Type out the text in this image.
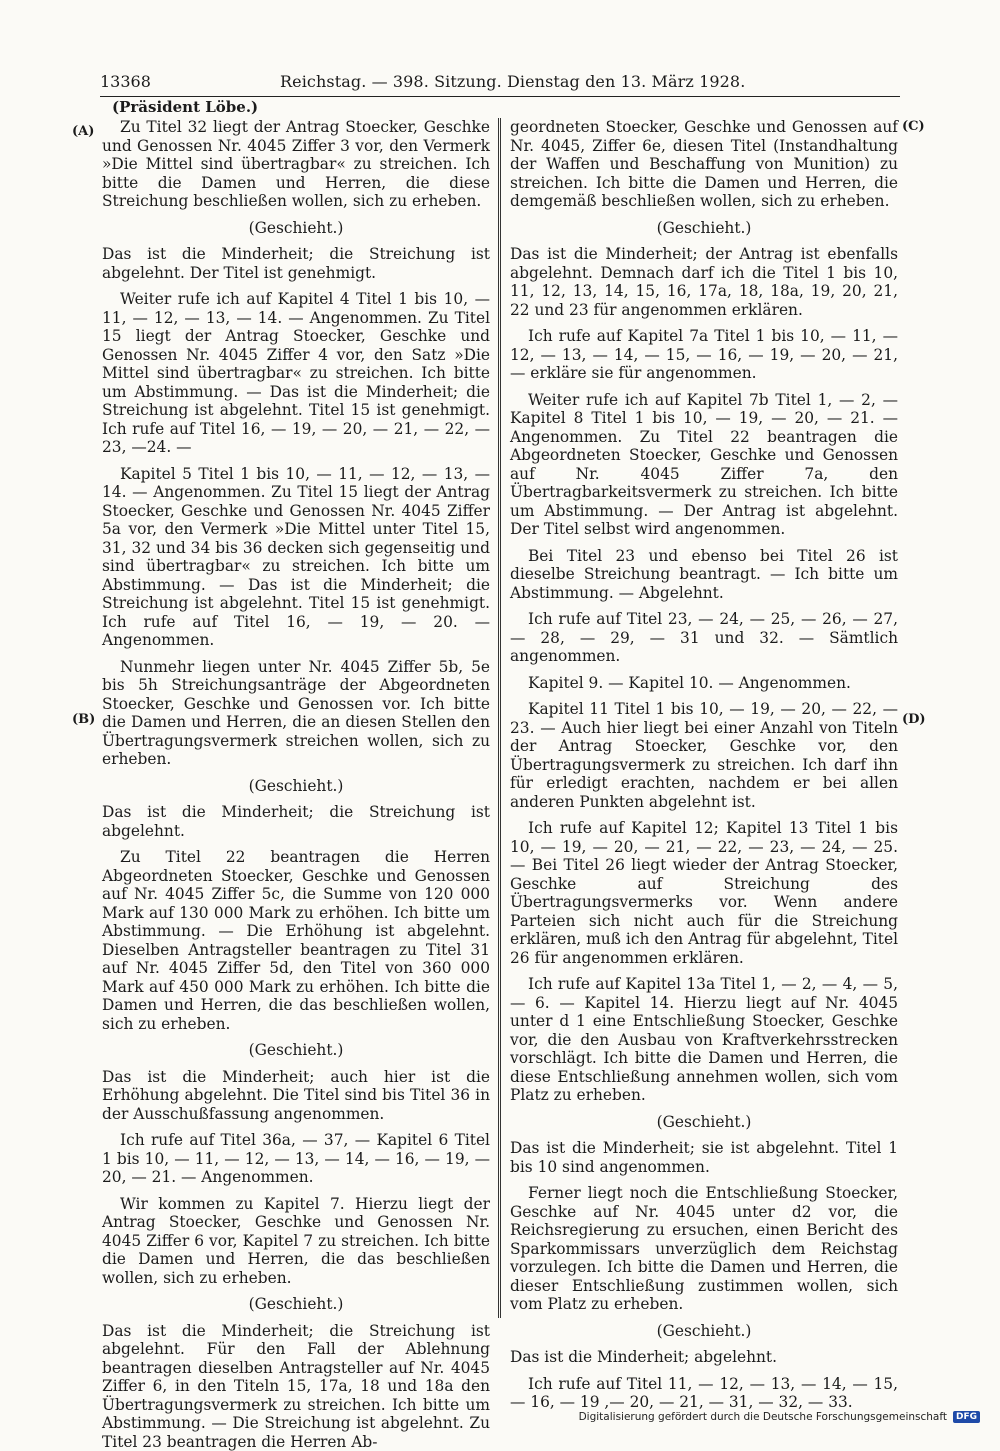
13368	Reichstag. — 398. Sitzung. Dienstag den 13. März 1928.
(Präsident Löbe.)
(A)
(B)
(C)
(D)

Zu Titel 32 liegt der Antrag Stoecker, Geschke und Genossen Nr. 4045 Ziffer 3 vor, den Vermerk »Die Mittel sind übertragbar« zu streichen. Ich bitte die Damen und Herren, die diese Streichung beschließen wollen, sich zu erheben.

(Geschieht.)

Das ist die Minderheit; die Streichung ist abgelehnt. Der Titel ist genehmigt.

Weiter rufe ich auf Kapitel 4 Titel 1 bis 10, — 11, — 12, — 13, — 14. — Angenommen. Zu Titel 15 liegt der Antrag Stoecker, Geschke und Genossen Nr. 4045 Ziffer 4 vor, den Satz »Die Mittel sind übertragbar« zu streichen. Ich bitte um Abstimmung. — Das ist die Minderheit; die Streichung ist abgelehnt. Titel 15 ist genehmigt. Ich rufe auf Titel 16, — 19, — 20, — 21, — 22, — 23, —24. —

Kapitel 5 Titel 1 bis 10, — 11, — 12, — 13, — 14. — Angenommen. Zu Titel 15 liegt der Antrag Stoecker, Geschke und Genossen Nr. 4045 Ziffer 5a vor, den Vermerk »Die Mittel unter Titel 15, 31, 32 und 34 bis 36 decken sich gegenseitig und sind übertragbar« zu streichen. Ich bitte um Abstimmung. — Das ist die Minderheit; die Streichung ist abgelehnt. Titel 15 ist genehmigt. Ich rufe auf Titel 16, — 19, — 20. — Angenommen.

Nunmehr liegen unter Nr. 4045 Ziffer 5b, 5e bis 5h Streichungsanträge der Abgeordneten Stoecker, Geschke und Genossen vor. Ich bitte die Damen und Herren, die an diesen Stellen den Übertragungsvermerk streichen wollen, sich zu erheben.

(Geschieht.)

Das ist die Minderheit; die Streichung ist abgelehnt.

Zu Titel 22 beantragen die Herren Abgeordneten Stoecker, Geschke und Genossen auf Nr. 4045 Ziffer 5c, die Summe von 120 000 Mark auf 130 000 Mark zu erhöhen. Ich bitte um Abstimmung. — Die Erhöhung ist abgelehnt. Dieselben Antragsteller beantragen zu Titel 31 auf Nr. 4045 Ziffer 5d, den Titel von 360 000 Mark auf 450 000 Mark zu erhöhen. Ich bitte die Damen und Herren, die das beschließen wollen, sich zu erheben.

(Geschieht.)

Das ist die Minderheit; auch hier ist die Erhöhung abgelehnt. Die Titel sind bis Titel 36 in der Ausschußfassung angenommen.

Ich rufe auf Titel 36a, — 37, — Kapitel 6 Titel 1 bis 10, — 11, — 12, — 13, — 14, — 16, — 19, — 20, — 21. — Angenommen.

Wir kommen zu Kapitel 7. Hierzu liegt der Antrag Stoecker, Geschke und Genossen Nr. 4045 Ziffer 6 vor, Kapitel 7 zu streichen. Ich bitte die Damen und Herren, die das beschließen wollen, sich zu erheben.

(Geschieht.)

Das ist die Minderheit; die Streichung ist abgelehnt. Für den Fall der Ablehnung beantragen dieselben Antragsteller auf Nr. 4045 Ziffer 6, in den Titeln 15, 17a, 18 und 18a den Übertragungsvermerk zu streichen. Ich bitte um Abstimmung. — Die Streichung ist abgelehnt. Zu Titel 23 beantragen die Herren Ab-

geordneten Stoecker, Geschke und Genossen auf Nr. 4045, Ziffer 6e, diesen Titel (Instandhaltung der Waffen und Beschaffung von Munition) zu streichen. Ich bitte die Damen und Herren, die demgemäß beschließen wollen, sich zu erheben.

(Geschieht.)

Das ist die Minderheit; der Antrag ist ebenfalls abgelehnt. Demnach darf ich die Titel 1 bis 10, 11, 12, 13, 14, 15, 16, 17a, 18, 18a, 19, 20, 21, 22 und 23 für angenommen erklären.

Ich rufe auf Kapitel 7a Titel 1 bis 10, — 11, — 12, — 13, — 14, — 15, — 16, — 19, — 20, — 21, — erkläre sie für angenommen.

Weiter rufe ich auf Kapitel 7b Titel 1, — 2, — Kapitel 8 Titel 1 bis 10, — 19, — 20, — 21. — Angenommen. Zu Titel 22 beantragen die Abgeordneten Stoecker, Geschke und Genossen auf Nr. 4045 Ziffer 7a, den Übertragbarkeitsvermerk zu streichen. Ich bitte um Abstimmung. — Der Antrag ist abgelehnt. Der Titel selbst wird angenommen.

Bei Titel 23 und ebenso bei Titel 26 ist dieselbe Streichung beantragt. — Ich bitte um Abstimmung. — Abgelehnt.

Ich rufe auf Titel 23, — 24, — 25, — 26, — 27, — 28, — 29, — 31 und 32. — Sämtlich angenommen.

Kapitel 9. — Kapitel 10. — Angenommen.

Kapitel 11 Titel 1 bis 10, — 19, — 20, — 22, — 23. — Auch hier liegt bei einer Anzahl von Titeln der Antrag Stoecker, Geschke vor, den Übertragungsvermerk zu streichen. Ich darf ihn für erledigt erachten, nachdem er bei allen anderen Punkten abgelehnt ist.

Ich rufe auf Kapitel 12; Kapitel 13 Titel 1 bis 10, — 19, — 20, — 21, — 22, — 23, — 24, — 25. — Bei Titel 26 liegt wieder der Antrag Stoecker, Geschke auf Streichung des Übertragungsvermerks vor. Wenn andere Parteien sich nicht auch für die Streichung erklären, muß ich den Antrag für abgelehnt, Titel 26 für angenommen erklären.

Ich rufe auf Kapitel 13a Titel 1, — 2, — 4, — 5, — 6. — Kapitel 14. Hierzu liegt auf Nr. 4045 unter d 1 eine Entschließung Stoecker, Geschke vor, die den Ausbau von Kraftverkehrsstrecken vorschlägt. Ich bitte die Damen und Herren, die diese Entschließung annehmen wollen, sich vom Platz zu erheben.

(Geschieht.)

Das ist die Minderheit; sie ist abgelehnt. Titel 1 bis 10 sind angenommen.

Ferner liegt noch die Entschließung Stoecker, Geschke auf Nr. 4045 unter d2 vor, die Reichsregierung zu ersuchen, einen Bericht des Sparkommissars unverzüglich dem Reichstag vorzulegen. Ich bitte die Damen und Herren, die dieser Entschließung zustimmen wollen, sich vom Platz zu erheben.

(Geschieht.)

Das ist die Minderheit; abgelehnt.

Ich rufe auf Titel 11, — 12, — 13, — 14, — 15, — 16, — 19 ,— 20, — 21, — 31, — 32, — 33.

Digitalisierung gefördert durch die Deutsche Forschungsgemeinschaft	DFG
